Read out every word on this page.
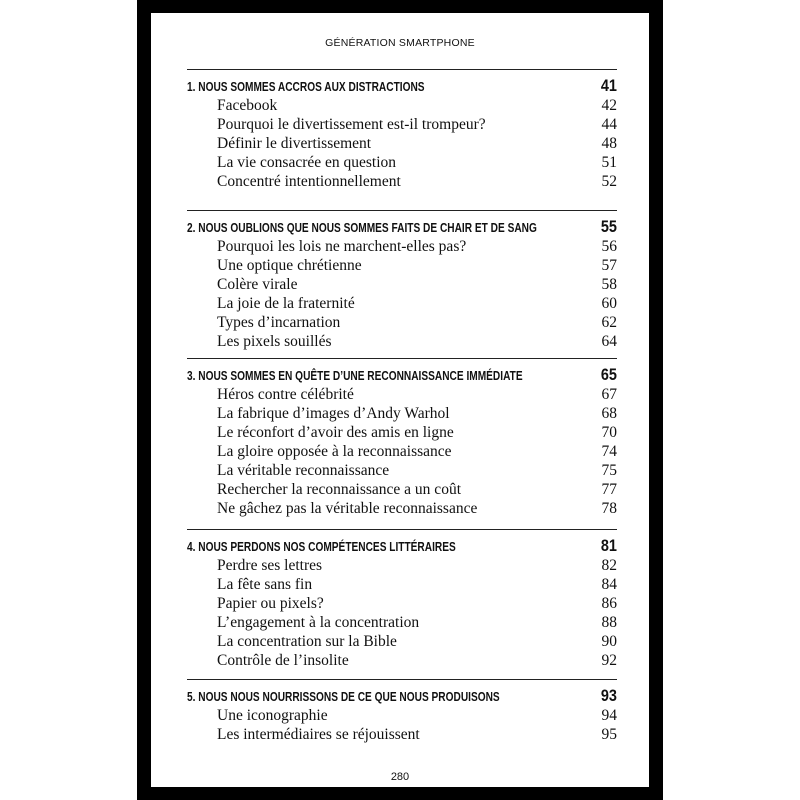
GÉNÉRATION SMARTPHONE
1. NOUS SOMMES ACCROS AUX DISTRACTIONS	41
Facebook	42
Pourquoi le divertissement est-il trompeur?	44
Définir le divertissement	48
La vie consacrée en question	51
Concentré intentionnellement	52
2. NOUS OUBLIONS QUE NOUS SOMMES FAITS DE CHAIR ET DE SANG	55
Pourquoi les lois ne marchent-elles pas?	56
Une optique chrétienne	57
Colère virale	58
La joie de la fraternité	60
Types d’incarnation	62
Les pixels souillés	64
3. NOUS SOMMES EN QUÊTE D’UNE RECONNAISSANCE IMMÉDIATE	65
Héros contre célébrité	67
La fabrique d’images d’Andy Warhol	68
Le réconfort d’avoir des amis en ligne	70
La gloire opposée à la reconnaissance	74
La véritable reconnaissance	75
Rechercher la reconnaissance a un coût	77
Ne gâchez pas la véritable reconnaissance	78
4. NOUS PERDONS NOS COMPÉTENCES LITTÉRAIRES	81
Perdre ses lettres	82
La fête sans fin	84
Papier ou pixels?	86
L’engagement à la concentration	88
La concentration sur la Bible	90
Contrôle de l’insolite	92
5. NOUS NOUS NOURRISSONS DE CE QUE NOUS PRODUISONS	93
Une iconographie	94
Les intermédiaires se réjouissent	95
280
